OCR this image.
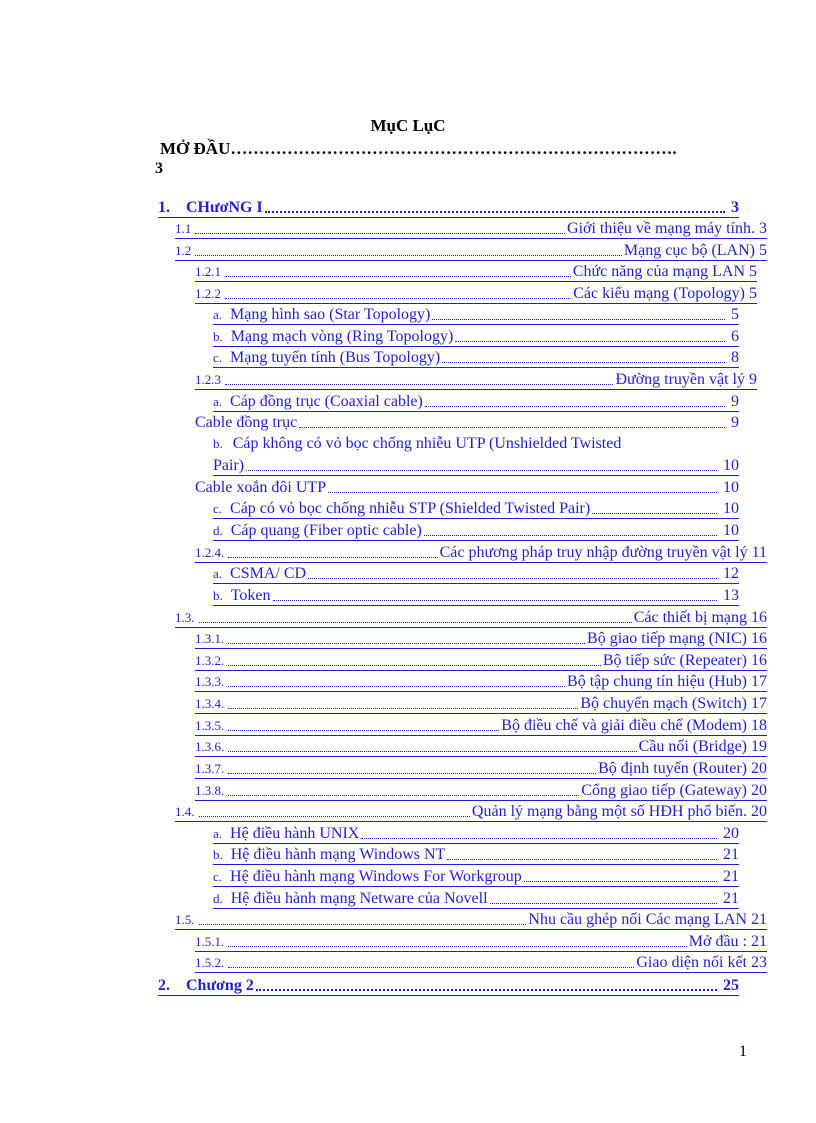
MụC LụC
MỞ ĐẦU…………………………………………………………………….
3
1.	CHươNG I	3
1.1	Giới thiệu về mạng máy tính. 3
1.2	Mạng cục bộ (LAN) 5
1.2.1	Chức năng của mạng LAN 5
1.2.2	Các kiểu mạng (Topology) 5
a. Mạng hình sao (Star Topology)	5
b. Mạng mạch vòng (Ring Topology)	6
c. Mạng tuyến tính (Bus Topology)	8
1.2.3	Đường truyền vật lý 9
a. Cáp đồng trục (Coaxial cable)	9
Cable đồng trục	9
b. Cáp không có vỏ bọc chống nhiễu UTP (Unshielded Twisted
Pair)	10
Cable xoắn đôi UTP	10
c. Cáp có vỏ bọc chống nhiễu STP (Shielded Twisted Pair)	10
d. Cáp quang (Fiber optic cable)	10
1.2.4.	Các phương pháp truy nhập đường truyền vật lý 11
a. CSMA/ CD	12
b. Token	13
1.3.	Các thiết bị mạng 16
1.3.1.	Bộ giao tiếp mạng (NIC) 16
1.3.2.	Bộ tiếp sức (Repeater) 16
1.3.3.	Bộ tập chung tín hiệu (Hub) 17
1.3.4.	Bộ chuyển mạch (Switch) 17
1.3.5.	Bộ điều chế và giải điều chế (Modem) 18
1.3.6.	Cầu nối (Bridge) 19
1.3.7.	Bộ định tuyến (Router) 20
1.3.8.	Cổng giao tiếp (Gateway) 20
1.4.	Quản lý mạng bằng một số HĐH phổ biến. 20
a. Hệ điều hành UNIX	20
b. Hệ điều hành mạng Windows NT	21
c. Hệ điều hành mạng Windows For Workgroup	21
d. Hệ điều hành mạng Netware của Novell	21
1.5.	Nhu cầu ghép nối Các mạng LAN 21
1.5.1.	Mở đầu : 21
1.5.2.	Giao diện nối kết 23
2.	Chương 2	25
1
